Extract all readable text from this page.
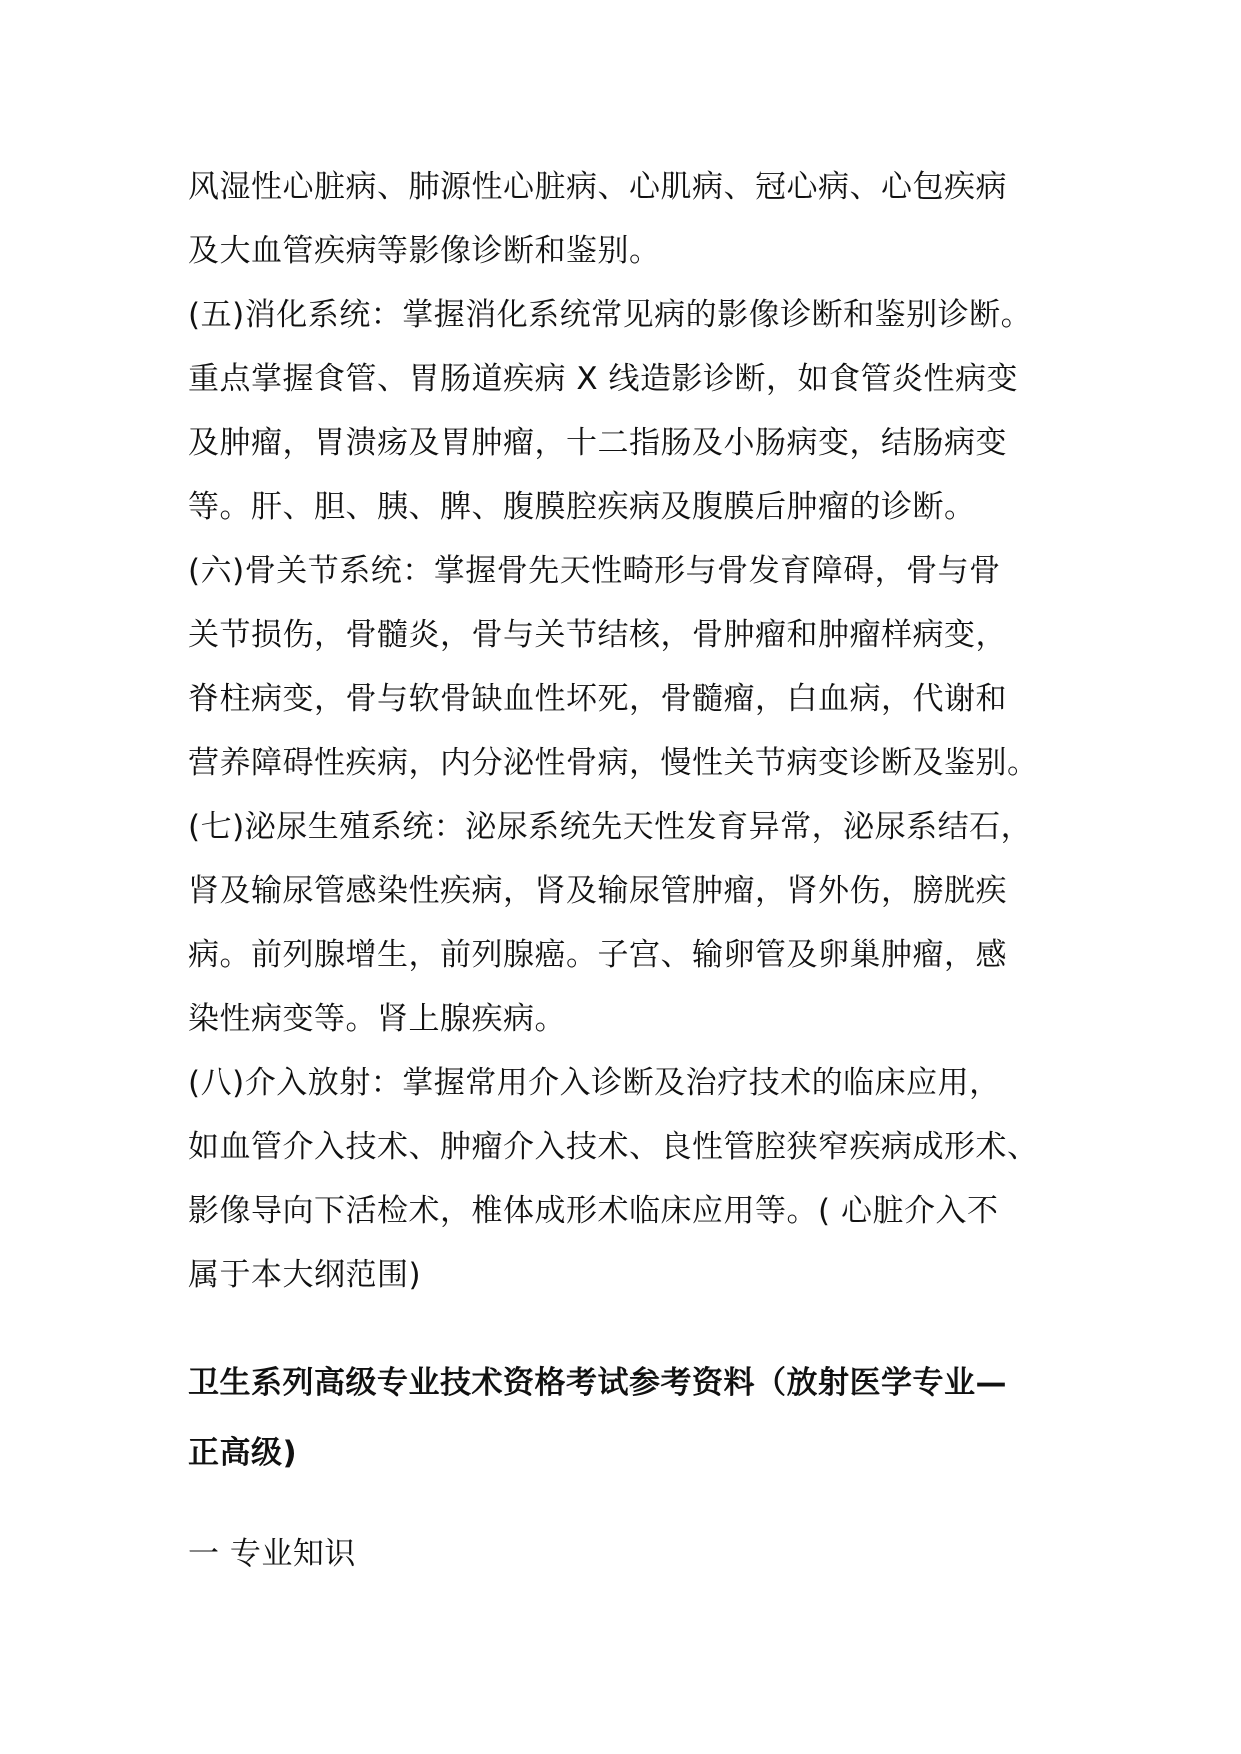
风湿性心脏病、肺源性心脏病、心肌病、冠心病、心包疾病
及大血管疾病等影像诊断和鉴别。
(五)消化系统：掌握消化系统常见病的影像诊断和鉴别诊断。
重点掌握食管、胃肠道疾病 X 线造影诊断，如食管炎性病变
及肿瘤，胃溃疡及胃肿瘤，十二指肠及小肠病变，结肠病变
等。肝、胆、胰、脾、腹膜腔疾病及腹膜后肿瘤的诊断。
(六)骨关节系统：掌握骨先天性畸形与骨发育障碍，骨与骨
关节损伤，骨髓炎，骨与关节结核，骨肿瘤和肿瘤样病变，
脊柱病变，骨与软骨缺血性坏死，骨髓瘤，白血病，代谢和
营养障碍性疾病，内分泌性骨病，慢性关节病变诊断及鉴别。
(七)泌尿生殖系统：泌尿系统先天性发育异常，泌尿系结石，
肾及输尿管感染性疾病，肾及输尿管肿瘤，肾外伤，膀胱疾
病。前列腺增生，前列腺癌。子宫、输卵管及卵巢肿瘤，感
染性病变等。肾上腺疾病。
(八)介入放射：掌握常用介入诊断及治疗技术的临床应用，
如血管介入技术、肿瘤介入技术、良性管腔狭窄疾病成形术、
影像导向下活检术，椎体成形术临床应用等。( 心脏介入不
属于本大纲范围)
卫生系列高级专业技术资格考试参考资料（放射医学专业—
正高级)
一 专业知识
